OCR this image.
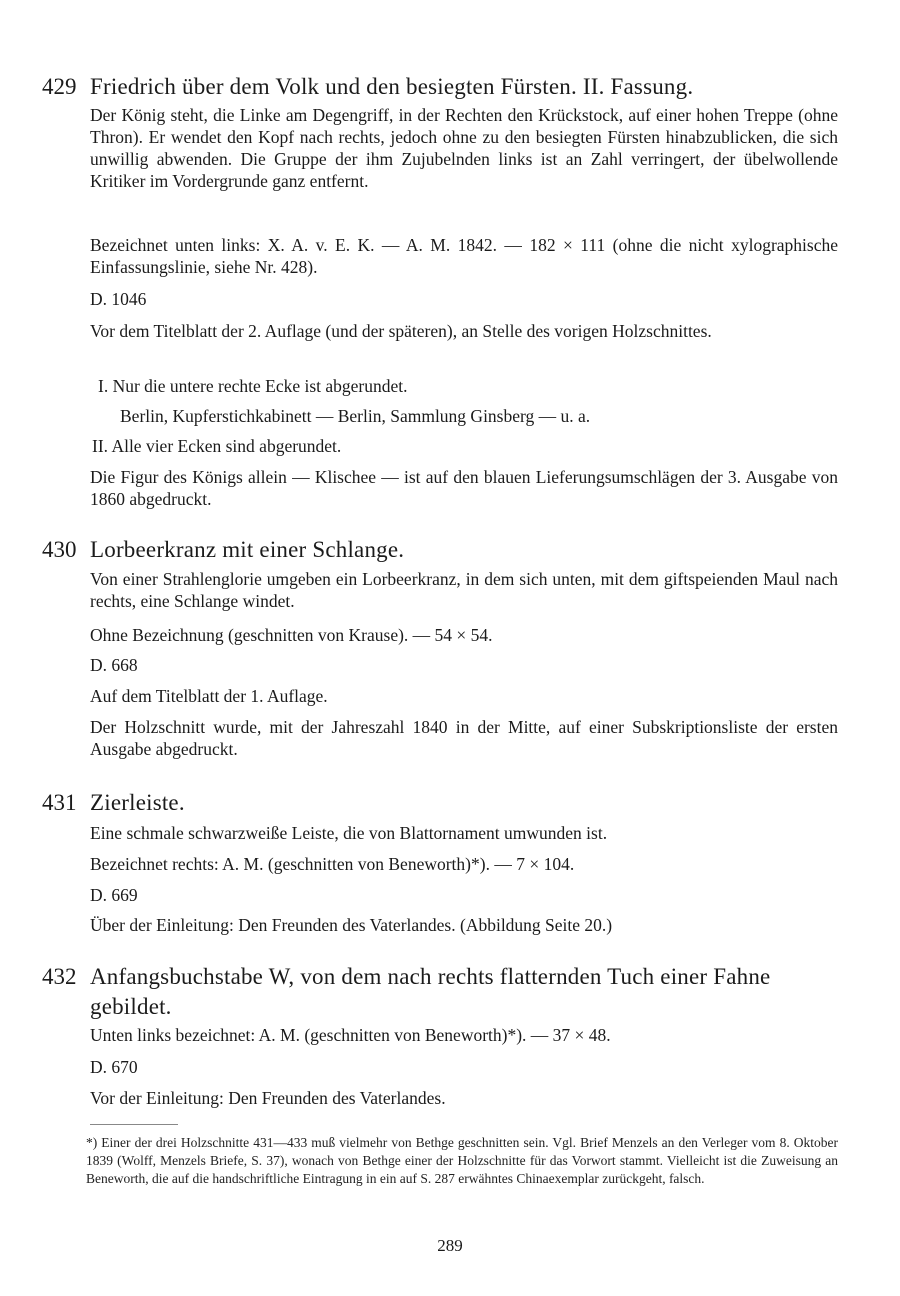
429 Friedrich über dem Volk und den besiegten Fürsten. II. Fassung.
Der König steht, die Linke am Degengriff, in der Rechten den Krückstock, auf einer hohen Treppe (ohne Thron). Er wendet den Kopf nach rechts, jedoch ohne zu den besiegten Fürsten hinabzublicken, die sich unwillig abwenden. Die Gruppe der ihm Zujubelnden links ist an Zahl verringert, der übelwollende Kritiker im Vordergrunde ganz entfernt.
Bezeichnet unten links: X. A. v. E. K. — A. M. 1842. — 182 × 111 (ohne die nicht xylographische Einfassungslinie, siehe Nr. 428).
D. 1046
Vor dem Titelblatt der 2. Auflage (und der späteren), an Stelle des vorigen Holzschnittes.
I. Nur die untere rechte Ecke ist abgerundet.
Berlin, Kupferstichkabinett — Berlin, Sammlung Ginsberg — u. a.
II. Alle vier Ecken sind abgerundet.
Die Figur des Königs allein — Klischee — ist auf den blauen Lieferungsumschlägen der 3. Ausgabe von 1860 abgedruckt.
430 Lorbeerkranz mit einer Schlange.
Von einer Strahlenglorie umgeben ein Lorbeerkranz, in dem sich unten, mit dem giftspeienden Maul nach rechts, eine Schlange windet.
Ohne Bezeichnung (geschnitten von Krause). — 54 × 54.
D. 668
Auf dem Titelblatt der 1. Auflage.
Der Holzschnitt wurde, mit der Jahreszahl 1840 in der Mitte, auf einer Subskriptionsliste der ersten Ausgabe abgedruckt.
431 Zierleiste.
Eine schmale schwarzweiße Leiste, die von Blattornament umwunden ist.
Bezeichnet rechts: A. M. (geschnitten von Beneworth)*). — 7 × 104.
D. 669
Über der Einleitung: Den Freunden des Vaterlandes. (Abbildung Seite 20.)
432 Anfangsbuchstabe W, von dem nach rechts flatternden Tuch einer Fahne gebildet.
Unten links bezeichnet: A. M. (geschnitten von Beneworth)*). — 37 × 48.
D. 670
Vor der Einleitung: Den Freunden des Vaterlandes.
*) Einer der drei Holzschnitte 431—433 muß vielmehr von Bethge geschnitten sein. Vgl. Brief Menzels an den Verleger vom 8. Oktober 1839 (Wolff, Menzels Briefe, S. 37), wonach von Bethge einer der Holzschnitte für das Vorwort stammt. Vielleicht ist die Zuweisung an Beneworth, die auf die handschriftliche Eintragung in ein auf S. 287 erwähntes Chinaexemplar zurückgeht, falsch.
289
